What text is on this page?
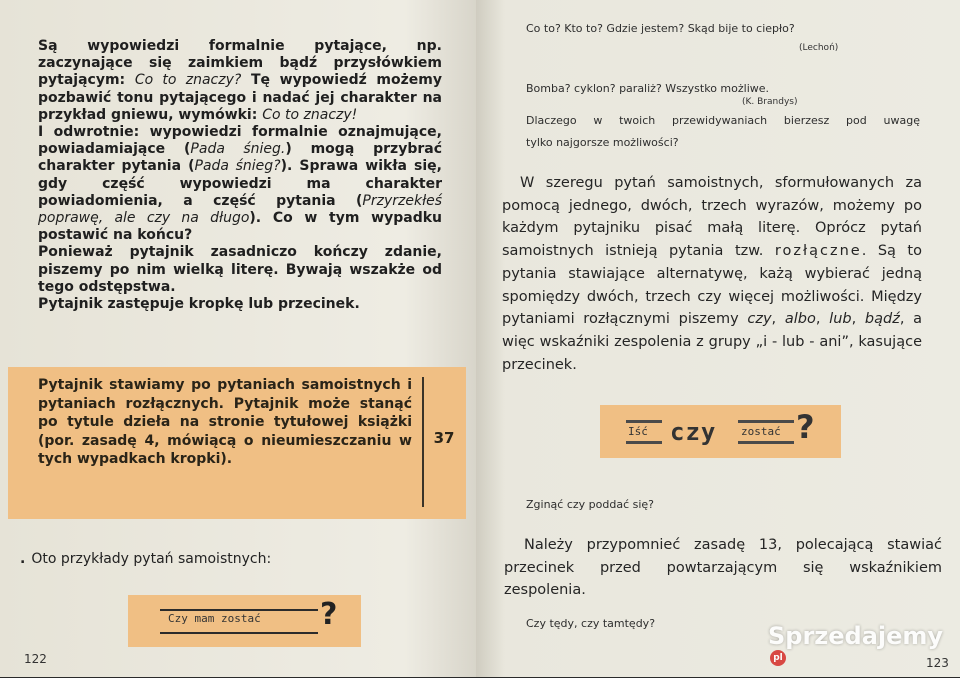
Są wypowiedzi formalnie pytające, np. zaczynające się zaimkiem bądź przysłówkiem pytającym: Co to znaczy? Tę wypowiedź możemy pozbawić tonu pytającego i nadać jej charakter na przykład gniewu, wymówki: Co to znaczy!

I odwrotnie: wypowiedzi formalnie oznajmujące, powiadamiające (Pada śnieg.) mogą przybrać charakter pytania (Pada śnieg?). Sprawa wikła się, gdy część wypowiedzi ma charakter powiadomienia, a część pytania (Przyrzekłeś poprawę, ale czy na długo). Co w tym wypadku postawić na końcu?

Ponieważ pytajnik zasadniczo kończy zdanie, piszemy po nim wielką literę. Bywają wszakże od tego odstępstwa.

Pytajnik zastępuje kropkę lub przecinek.

Pytajnik stawiamy po pytaniach samoistnych i pytaniach rozłącznych. Pytajnik może stanąć po tytule dzieła na stronie tytułowej książki (por. zasadę 4, mówiącą o nieumieszczaniu w tych wypadkach kropki).
37
. Oto przykłady pytań samoistnych:
Czy mam zostać ?
122
Co to? Kto to? Gdzie jestem? Skąd bije to ciepło?
(Lechoń)
Bomba? cyklon? paraliż? Wszystko możliwe.
(K. Brandys)
Dlaczego w twoich przewidywaniach bierzesz pod uwagę
tylko najgorsze możliwości?

W szeregu pytań samoistnych, sformułowanych za pomocą jednego, dwóch, trzech wyrazów, możemy po każdym pytajniku pisać małą literę. Oprócz pytań samoistnych istnieją pytania tzw. rozłączne. Są to pytania stawiające alternatywę, każą wybierać jedną spomiędzy dwóch, trzech czy więcej możliwości. Między pytaniami rozłącznymi piszemy czy, albo, lub, bądź, a więc wskaźniki zespolenia z grupy „i - lub - ani”, kasujące przecinek.

Iść czy zostać ?
Zginąć czy poddać się?

Należy przypomnieć zasadę 13, polecającą stawiać przecinek przed powtarzającym się wskaźnikiem zespolenia.

Czy tędy, czy tamtędy?
123
Sprzedajemypl
